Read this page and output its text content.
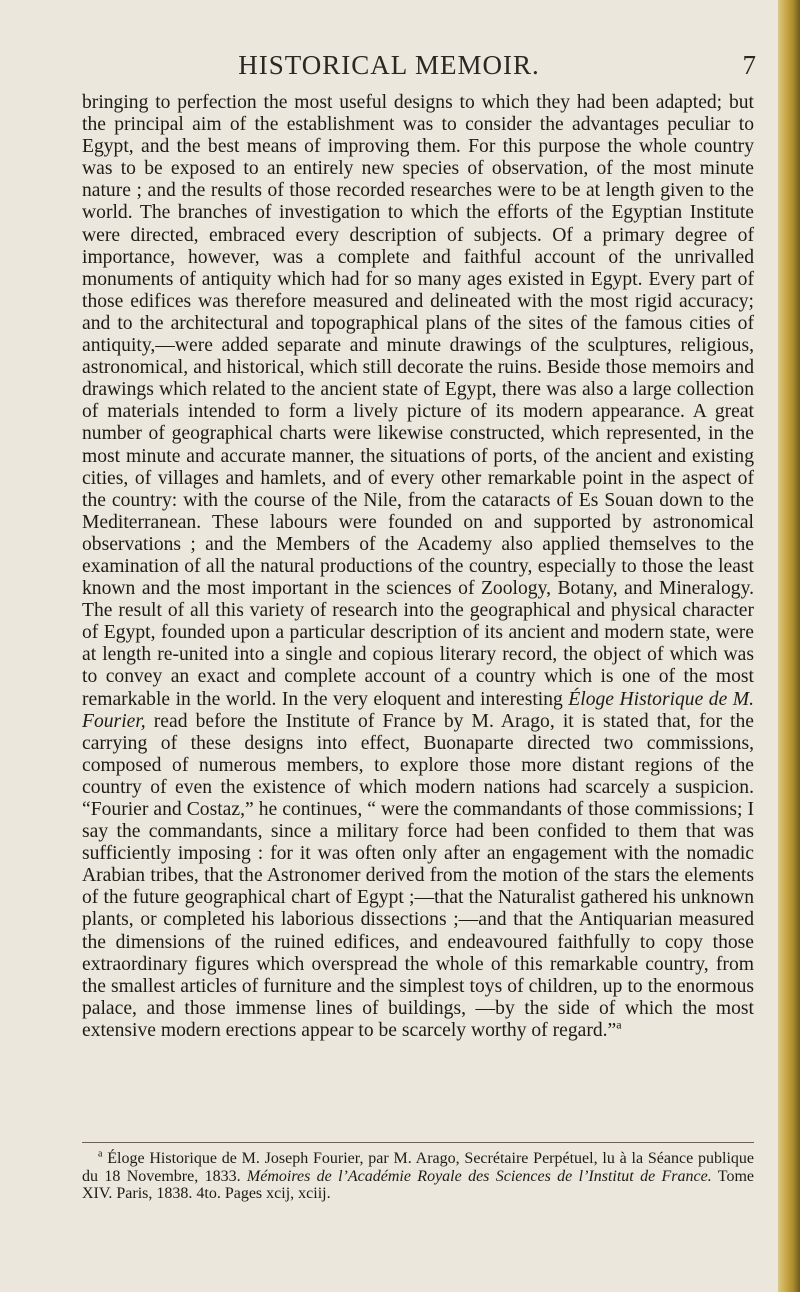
HISTORICAL MEMOIR.	7

bringing to perfection the most useful designs to which they had been adapted; but the principal aim of the establishment was to consider the advantages peculiar to Egypt, and the best means of improving them. For this purpose the whole country was to be exposed to an entirely new species of observation, of the most minute nature ; and the results of those recorded researches were to be at length given to the world. The branches of investigation to which the efforts of the Egyptian Institute were directed, embraced every description of subjects. Of a primary degree of importance, however, was a complete and faithful account of the unrivalled monuments of antiquity which had for so many ages existed in Egypt. Every part of those edifices was therefore measured and delineated with the most rigid accuracy; and to the architectural and topographical plans of the sites of the famous cities of antiquity,—were added separate and minute drawings of the sculptures, religious, astronomical, and historical, which still decorate the ruins. Beside those memoirs and drawings which related to the ancient state of Egypt, there was also a large collection of materials intended to form a lively picture of its modern appearance. A great number of geographical charts were likewise constructed, which represented, in the most minute and accurate manner, the situations of ports, of the ancient and existing cities, of villages and hamlets, and of every other remarkable point in the aspect of the country: with the course of the Nile, from the cataracts of Es Souan down to the Mediterranean. These labours were founded on and supported by astronomical observations ; and the Members of the Academy also applied themselves to the examination of all the natural productions of the country, especially to those the least known and the most important in the sciences of Zoology, Botany, and Mineralogy. The result of all this variety of research into the geographical and physical character of Egypt, founded upon a particular description of its ancient and modern state, were at length re-united into a single and copious literary record, the object of which was to convey an exact and complete account of a country which is one of the most remarkable in the world. In the very eloquent and interesting Éloge Historique de M. Fourier, read before the Institute of France by M. Arago, it is stated that, for the carrying of these designs into effect, Buonaparte directed two commissions, composed of numerous members, to explore those more distant regions of the country of even the existence of which modern nations had scarcely a suspicion. “Fourier and Costaz,” he continues, “ were the commandants of those commissions; I say the commandants, since a military force had been confided to them that was sufficiently imposing : for it was often only after an engagement with the nomadic Arabian tribes, that the Astronomer derived from the motion of the stars the elements of the future geographical chart of Egypt ;—that the Naturalist gathered his unknown plants, or completed his laborious dissections ;—and that the Antiquarian measured the dimensions of the ruined edifices, and endeavoured faithfully to copy those extraordinary figures which overspread the whole of this remarkable country, from the smallest articles of furniture and the simplest toys of children, up to the enormous palace, and those immense lines of buildings, —by the side of which the most extensive modern erections appear to be scarcely worthy of regard.”$^a$

$^a$ Éloge Historique de M. Joseph Fourier, par M. Arago, Secrétaire Perpétuel, lu à la Séance publique du 18 Novembre, 1833. Mémoires de l’Académie Royale des Sciences de l’Institut de France. Tome XIV. Paris, 1838. 4to. Pages xcij, xciij.
